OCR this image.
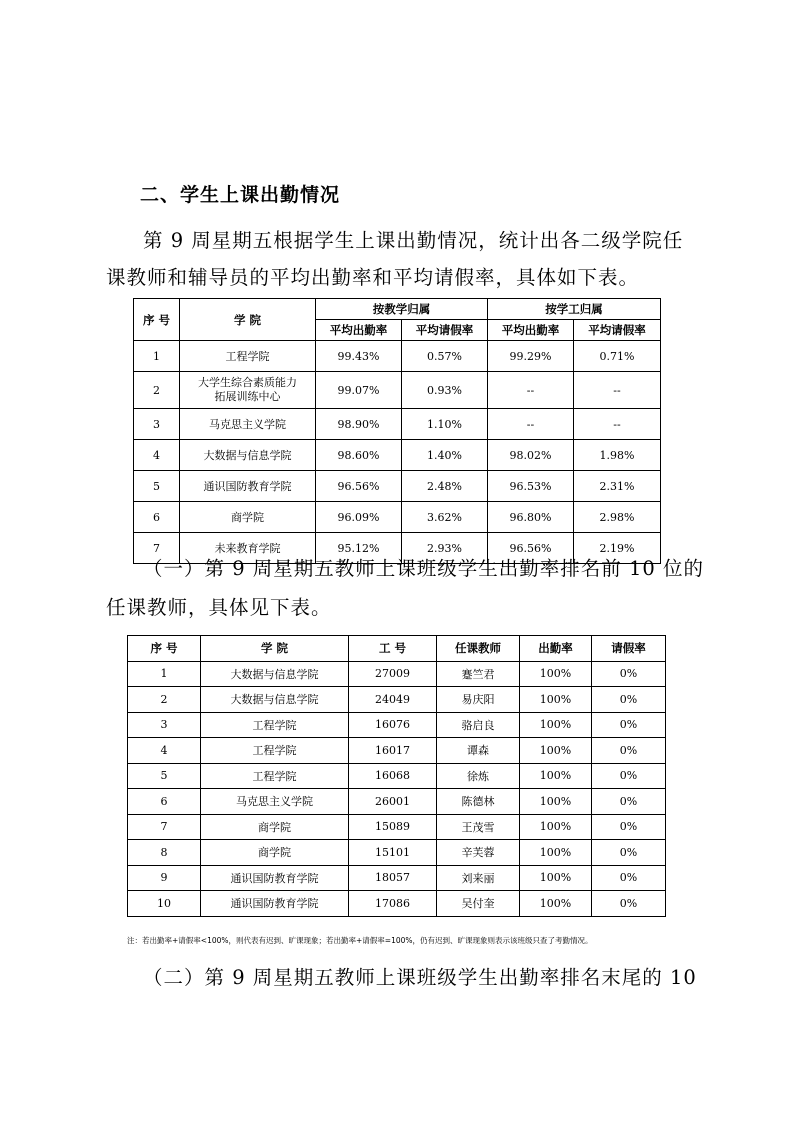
二、学生上课出勤情况
第 9 周星期五根据学生上课出勤情况，统计出各二级学院任
课教师和辅导员的平均出勤率和平均请假率，具体如下表。
序 号	学 院	按教学归属		按学工归属	
		平均出勤率	平均请假率	平均出勤率	平均请假率
1	工程学院	99.43%	0.57%	99.29%	0.71%
2	大学生综合素质能力
拓展训练中心	99.07%	0.93%	--	--
3	马克思主义学院	98.90%	1.10%	--	--
4	大数据与信息学院	98.60%	1.40%	98.02%	1.98%
5	通识国防教育学院	96.56%	2.48%	96.53%	2.31%
6	商学院	96.09%	3.62%	96.80%	2.98%
7	未来教育学院	95.12%	2.93%	96.56%	2.19%
（一）第 9 周星期五教师上课班级学生出勤率排名前 10 位的
任课教师，具体见下表。
序 号	学 院	工 号	任课教师	出勤率	请假率
1	大数据与信息学院	27009	蹇竺君	100%	0%
2	大数据与信息学院	24049	易庆阳	100%	0%
3	工程学院	16076	骆启良	100%	0%
4	工程学院	16017	谭森	100%	0%
5	工程学院	16068	徐炼	100%	0%
6	马克思主义学院	26001	陈德林	100%	0%
7	商学院	15089	王茂雪	100%	0%
8	商学院	15101	辛芙蓉	100%	0%
9	通识国防教育学院	18057	刘来丽	100%	0%
10	通识国防教育学院	17086	吴付奎	100%	0%
注：若出勤率+请假率<100%，则代表有迟到、旷课现象；若出勤率+请假率=100%，仍有迟到、旷课现象则表示该班级只查了考勤情况。
（二）第 9 周星期五教师上课班级学生出勤率排名末尾的 10
